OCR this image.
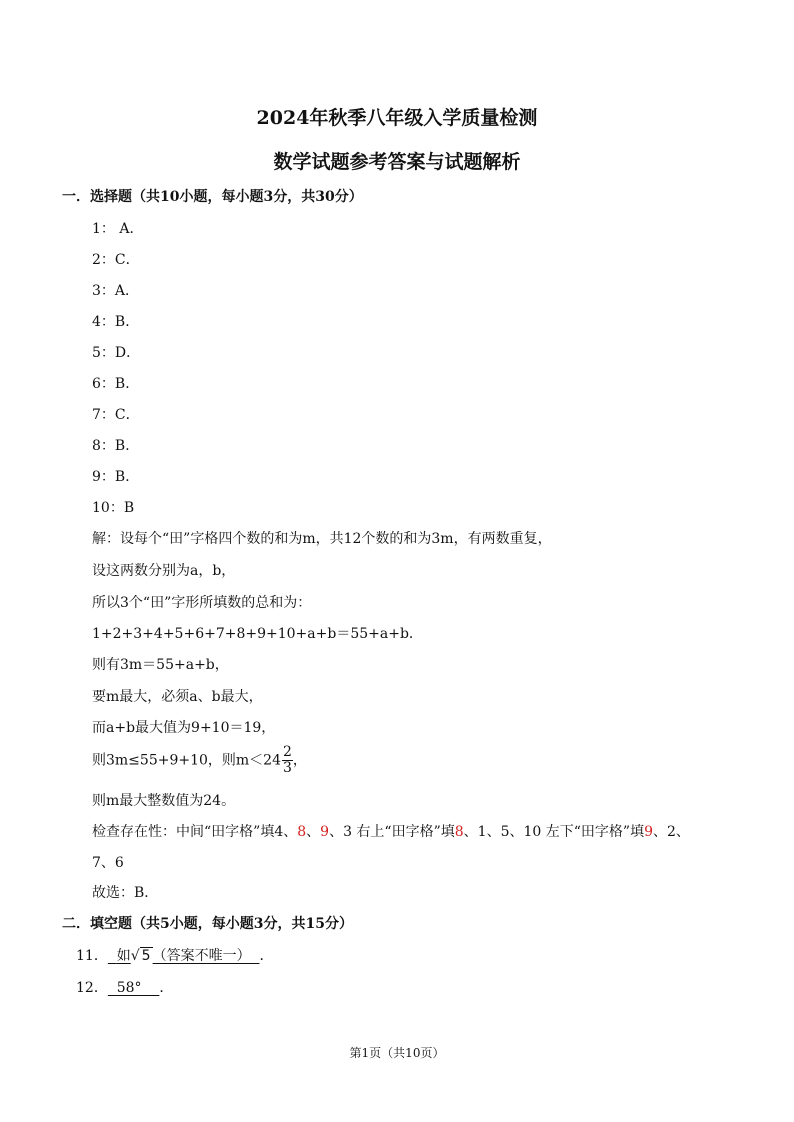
2024年秋季八年级入学质量检测
数学试题参考答案与试题解析
一．选择题（共10小题，每小题3分，共30分）
1： A．
2：C．
3：A．
4：B．
5：D．
6：B．
7：C．
8：B．
9：B．
10：B
解：设每个“田”字格四个数的和为m，共12个数的和为3m，有两数重复，
设这两数分别为a，b，
所以3个“田”字形所填数的总和为：
1+2+3+4+5+6+7+8+9+10+a+b＝55+a+b．
则有3m＝55+a+b，
要m最大，必须a、b最大，
而a+b最大值为9+10＝19，
则3m≤55+9+10，则$m<24 \frac{2}{3}$ ，
则m最大整数值为24。
检查存在性：中间“田字格”填4、8、9、3 右上“田字格”填8、1、5、10 左下“田字格”填9、2、
7、6
故选：B．
二．填空题（共5小题，每小题3分，共15分）
11． 如√ 5 （答案不唯一） ．
12． 58° ．
第1页（共10页）
